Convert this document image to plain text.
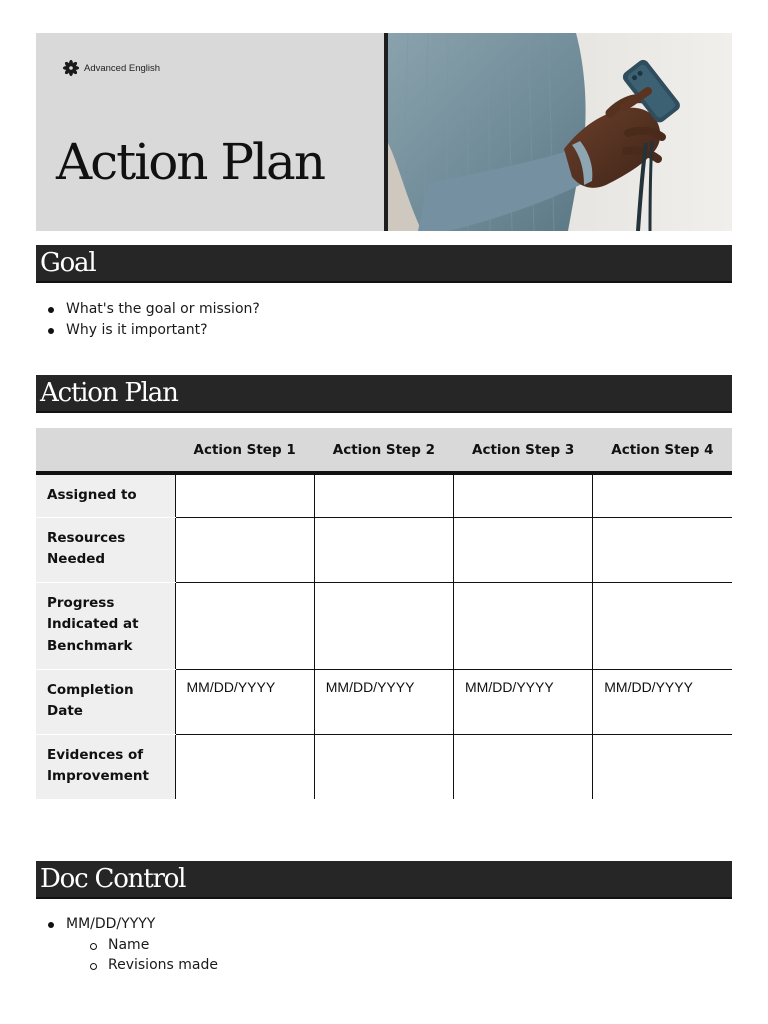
Advanced English
Action Plan
Goal
What's the goal or mission?
Why is it important?
Action Plan
	Action Step 1	Action Step 2	Action Step 3	Action Step 4
Assigned to				
Resources Needed				
Progress Indicated at Benchmark				
Completion Date	MM/DD/YYYY	MM/DD/YYYY	MM/DD/YYYY	MM/DD/YYYY
Evidences of Improvement				
Doc Control
MM/DD/YYYY
Name
Revisions made
